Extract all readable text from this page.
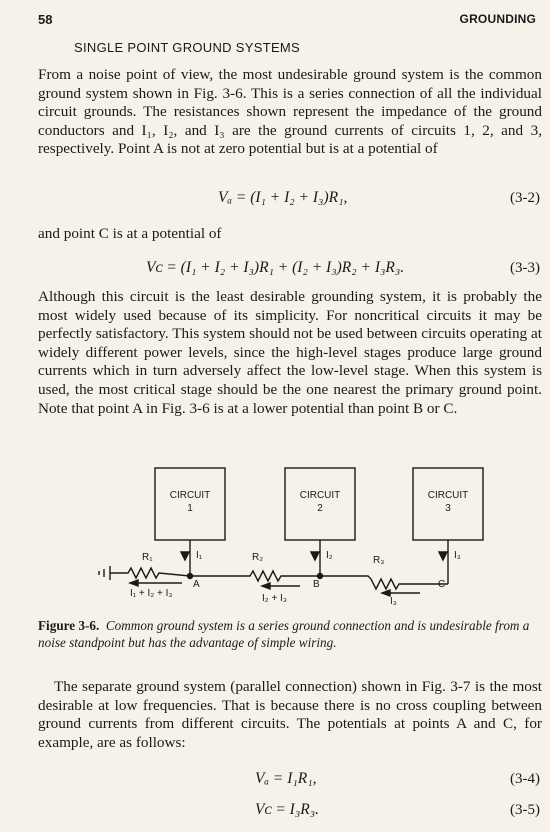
58	GROUNDING
SINGLE POINT GROUND SYSTEMS

From a noise point of view, the most undesirable ground system is the common ground system shown in Fig. 3-6. This is a series connection of all the individual circuit grounds. The resistances shown represent the impedance of the ground conductors and I₁, I₂, and I₃ are the ground currents of circuits 1, 2, and 3, respectively. Point A is not at zero potential but is at a potential of

Vₐ = (I₁ + I₂ + I₃)R₁,	(3-2)

and point C is at a potential of

Vᴄ = (I₁ + I₂ + I₃)R₁ + (I₂ + I₃)R₂ + I₃R₃.	(3-3)

Although this circuit is the least desirable grounding system, it is probably the most widely used because of its simplicity. For noncritical circuits it may be perfectly satisfactory. This system should not be used between circuits operating at widely different power levels, since the high-level stages produce large ground currents which in turn adversely affect the low-level stage. When this system is used, the most critical stage should be the one nearest the primary ground point. Note that point A in Fig. 3-6 is at a lower potential than point B or C.

CIRCUIT
1
CIRCUIT
2
CIRCUIT
3
R₁	R₂	R₃
I₁	I₂	I₃
A	B	C
I₁ + I₂ + I₃	I₂ + I₃	I₃

Figure 3-6. Common ground system is a series ground connection and is undesirable from a noise standpoint but has the advantage of simple wiring.

The separate ground system (parallel connection) shown in Fig. 3-7 is the most desirable at low frequencies. That is because there is no cross coupling between ground currents from different circuits. The potentials at points A and C, for example, are as follows:

Vₐ = I₁R₁,	(3-4)
Vᴄ = I₃R₃.	(3-5)
